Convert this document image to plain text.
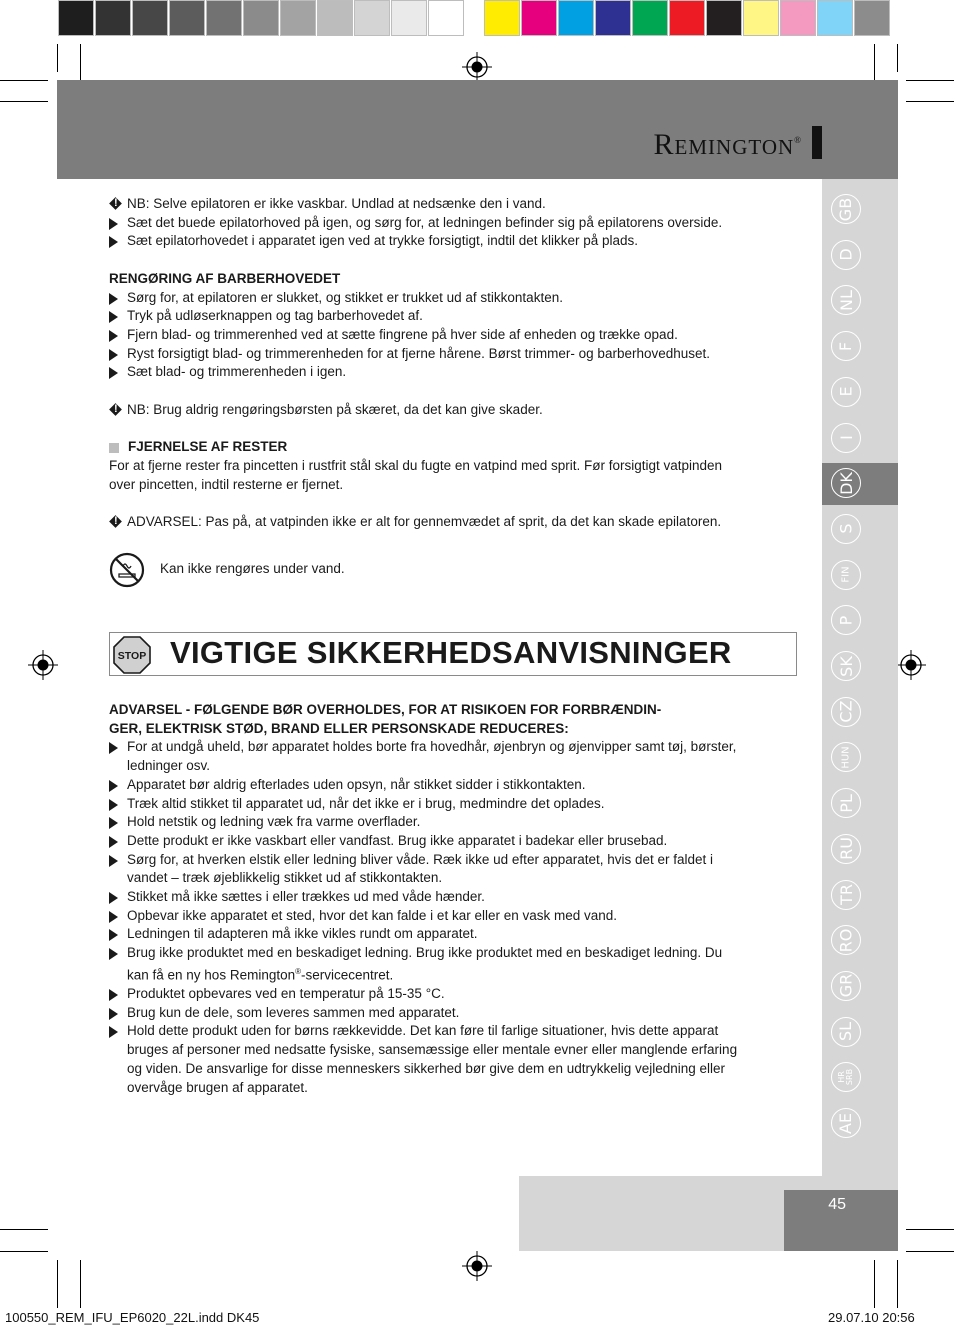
Remington®
GB
D
NL
F
E
I
DK
S
FIN
P
SK
CZ
HUN
PL
RU
TR
RO
GR
SL
HR
SRB
AE
45
NB: Selve epilatoren er ikke vaskbar. Undlad at nedsænke den i vand. !
Sæt det buede epilatorhoved på igen, og sørg for, at ledningen befinder sig på epilatorens overside.
Sæt epilatorhovedet i apparatet igen ved at trykke forsigtigt, indtil det klikker på plads.
RENGØRING AF BARBERHOVEDET
Sørg for, at epilatoren er slukket, og stikket er trukket ud af stikkontakten.
Tryk på udløserknappen og tag barberhovedet af.
Fjern blad- og trimmerenhed ved at sætte fingrene på hver side af enheden og trække opad.
Ryst forsigtigt blad- og trimmerenheden for at fjerne hårene. Børst trimmer- og barberhovedhuset.
Sæt blad- og trimmerenheden i igen.
NB: Brug aldrig rengøringsbørsten på skæret, da det kan give skader. !
FJERNELSE AF RESTER
For at fjerne rester fra pincetten i rustfrit stål skal du fugte en vatpind med sprit. Før forsigtigt vatpinden
over pincetten, indtil resterne er fjernet.
ADVARSEL: Pas på, at vatpinden ikke er alt for gennemvædet af sprit, da det kan skade epilatoren. !
Kan ikke rengøres under vand.
STOP VIGTIGE SIKKERHEDSANVISNINGER
ADVARSEL - FØLGENDE BØR OVERHOLDES, FOR AT RISIKOEN FOR FORBRÆNDIN-
GER, ELEKTRISK STØD, BRAND ELLER PERSONSKADE REDUCERES:
For at undgå uheld, bør apparatet holdes borte fra hovedhår, øjenbryn og øjenvipper samt tøj, børster,
ledninger osv.
Apparatet bør aldrig efterlades uden opsyn, når stikket sidder i stikkontakten.
Træk altid stikket til apparatet ud, når det ikke er i brug, medmindre det oplades.
Hold netstik og ledning væk fra varme overflader.
Dette produkt er ikke vaskbart eller vandfast. Brug ikke apparatet i badekar eller brusebad.
Sørg for, at hverken elstik eller ledning bliver våde. Ræk ikke ud efter apparatet, hvis det er faldet i
vandet – træk øjeblikkelig stikket ud af stikkontakten.
Stikket må ikke sættes i eller trækkes ud med våde hænder.
Opbevar ikke apparatet et sted, hvor det kan falde i et kar eller en vask med vand.
Ledningen til adapteren må ikke vikles rundt om apparatet.
Brug ikke produktet med en beskadiget ledning. Brug ikke produktet med en beskadiget ledning. Du
kan få en ny hos Remington®-servicecentret.
Produktet opbevares ved en temperatur på 15-35 °C.
Brug kun de dele, som leveres sammen med apparatet.
Hold dette produkt uden for børns rækkevidde. Det kan føre til farlige situationer, hvis dette apparat
bruges af personer med nedsatte fysiske, sansemæssige eller mentale evner eller manglende erfaring
og viden. De ansvarlige for disse menneskers sikkerhed bør give dem en udtrykkelig vejledning eller
overvåge brugen af apparatet.
100550_REM_IFU_EP6020_22L.indd DK45	29.07.10 20:56
